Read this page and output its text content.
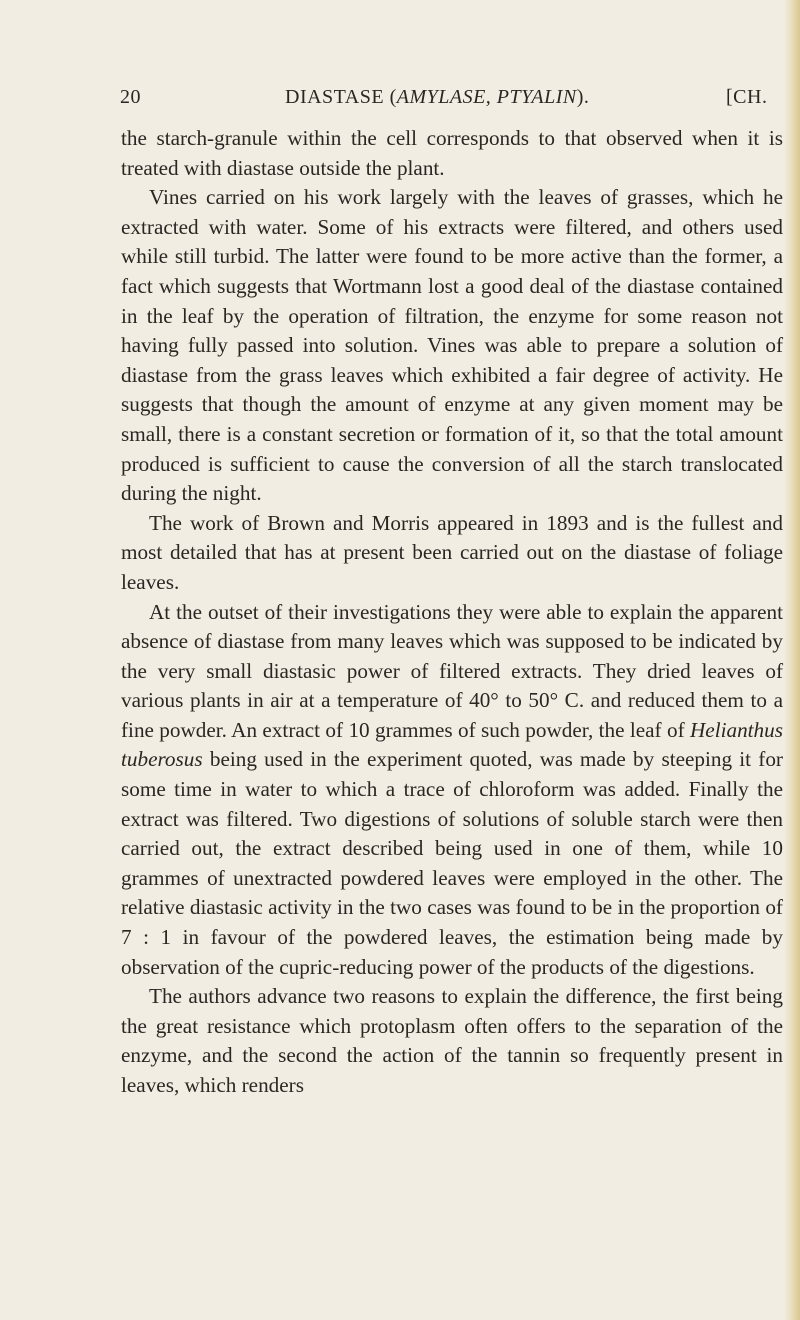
20	DIASTASE (AMYLASE, PTYALIN).	[CH.

the starch-granule within the cell corresponds to that observed when it is treated with diastase outside the plant.

Vines carried on his work largely with the leaves of grasses, which he extracted with water. Some of his extracts were filtered, and others used while still turbid. The latter were found to be more active than the former, a fact which suggests that Wortmann lost a good deal of the diastase contained in the leaf by the operation of filtration, the enzyme for some reason not having fully passed into solution. Vines was able to prepare a solution of diastase from the grass leaves which exhibited a fair degree of activity. He suggests that though the amount of enzyme at any given moment may be small, there is a constant secretion or formation of it, so that the total amount produced is sufficient to cause the conversion of all the starch translocated during the night.

The work of Brown and Morris appeared in 1893 and is the fullest and most detailed that has at present been carried out on the diastase of foliage leaves.

At the outset of their investigations they were able to explain the apparent absence of diastase from many leaves which was supposed to be indicated by the very small diastasic power of filtered extracts. They dried leaves of various plants in air at a temperature of 40° to 50° C. and reduced them to a fine powder. An extract of 10 grammes of such powder, the leaf of Helianthus tuberosus being used in the experiment quoted, was made by steeping it for some time in water to which a trace of chloroform was added. Finally the extract was filtered. Two digestions of solutions of soluble starch were then carried out, the extract described being used in one of them, while 10 grammes of unextracted powdered leaves were employed in the other. The relative diastasic activity in the two cases was found to be in the proportion of 7 : 1 in favour of the powdered leaves, the estimation being made by observation of the cupric-reducing power of the products of the digestions.

The authors advance two reasons to explain the difference, the first being the great resistance which protoplasm often offers to the separation of the enzyme, and the second the action of the tannin so frequently present in leaves, which renders
